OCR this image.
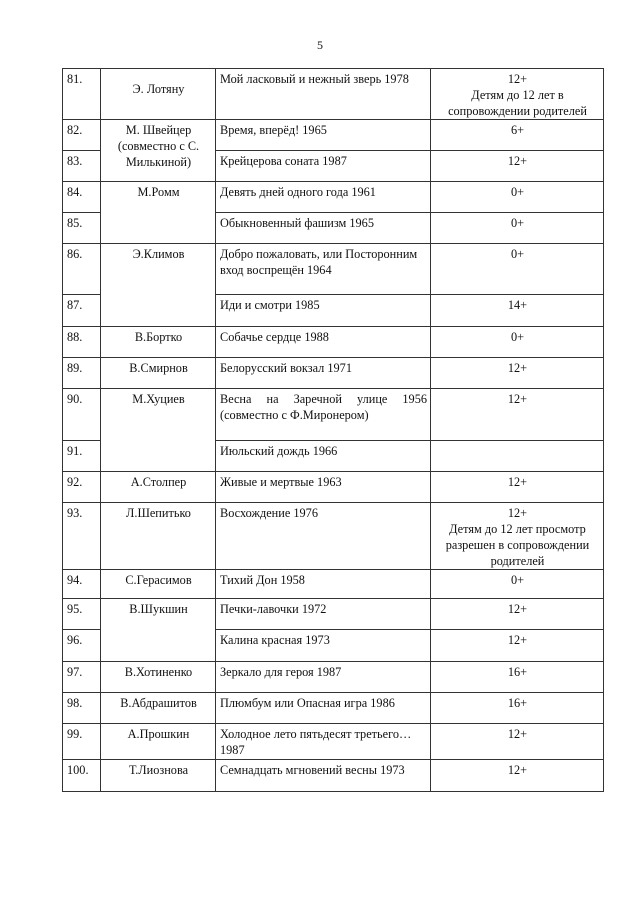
5
81.	Э. Лотяну	Мой ласковый и нежный зверь 1978	12+
Детям до 12 лет в сопровождении родителей

82.	М. Швейцер (совместно с С. Милькиной)	Время, вперёд! 1965	6+
83.		Крейцерова соната 1987	12+
84.	М.Ромм	Девять дней одного года 1961	0+
85.		Обыкновенный фашизм 1965	0+
86.	Э.Климов	Добро пожаловать, или Посторонним вход воспрещён 1964	0+
87.		Иди и смотри 1985	14+
88.	В.Бортко	Собачье сердце 1988	0+
89.	В.Смирнов	Белорусский вокзал 1971	12+
90.	М.Хуциев	Весна на Заречной улице 1956 (совместно с Ф.Миронером)	12+
91.		Июльский дождь 1966	
92.	А.Столпер	Живые и мертвые 1963	12+
93.	Л.Шепитько	Восхождение 1976	12+
Детям до 12 лет просмотр разрешен в сопровождении родителей

94.	С.Герасимов	Тихий Дон 1958	0+
95.	В.Шукшин	Печки-лавочки 1972	12+
96.		Калина красная 1973	12+
97.	В.Хотиненко	Зеркало для героя 1987	16+
98.	В.Абдрашитов	Плюмбум или Опасная игра 1986	16+
99.	А.Прошкин	Холодное лето пятьдесят третьего…1987	12+
100.	Т.Лиознова	Семнадцать мгновений весны 1973	12+
